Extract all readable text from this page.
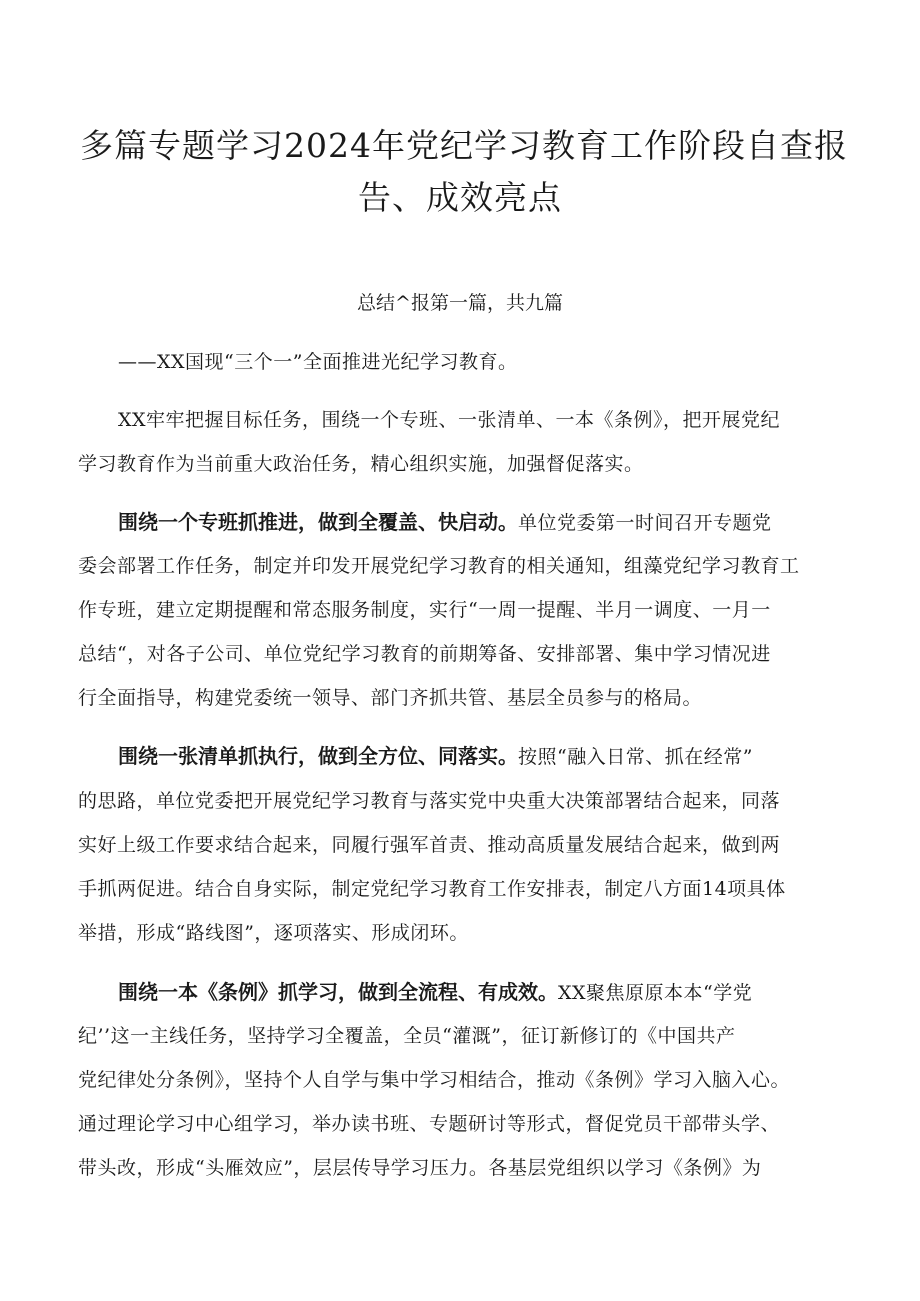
多篇专题学习2024年党纪学习教育工作阶段自查报
告、成效亮点

总结^报第一篇，共九篇

——XX国现“三个一”全面推进光纪学习教育。
XX牢牢把握目标任务，围绕一个专班、一张清单、一本《条例》，把开展党纪
学习教育作为当前重大政治任务，精心组织实施，加强督促落实。
围绕一个专班抓推进，做到全覆盖、快启动。单位党委第一时间召开专题党
委会部署工作任务，制定并印发开展党纪学习教育的相关通知，组藻党纪学习教育工
作专班，建立定期提醒和常态服务制度，实行“一周一提醒、半月一调度、一月一
总结“，对各子公司、单位党纪学习教育的前期筹备、安排部署、集中学习情况进
行全面指导，构建党委统一领导、部门齐抓共管、基层全员参与的格局。
围绕一张清单抓执行，做到全方位、同落实。按照“融入日常、抓在经常”
的思路，单位党委把开展党纪学习教育与落实党中央重大决策部署结合起来，同落
实好上级工作要求结合起来，同履行强军首责、推动高质量发展结合起来，做到两
手抓两促进。结合自身实际，制定党纪学习教育工作安排表，制定八方面14项具体
举措，形成“路线图”，逐项落实、形成闭环。
围绕一本《条例》抓学习，做到全流程、有成效。XX聚焦原原本本“学党
纪’’这一主线任务，坚持学习全覆盖，全员“灌溉”，征订新修订的《中国共产
党纪律处分条例》，坚持个人自学与集中学习相结合，推动《条例》学习入脑入心。
通过理论学习中心组学习，举办读书班、专题研讨等形式，督促党员干部带头学、
带头改，形成“头雁效应”，层层传导学习压力。各基层党组织以学习《条例》为
